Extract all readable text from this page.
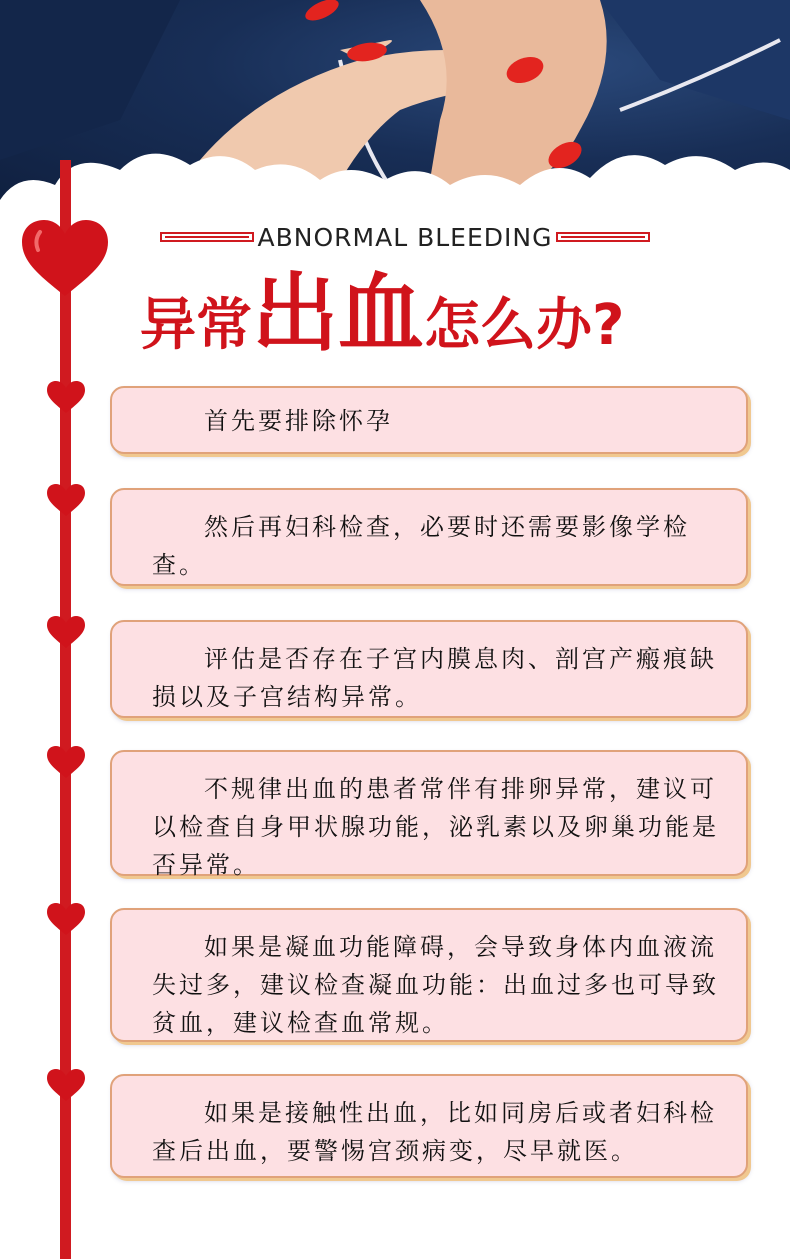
ABNORMAL BLEEDING
异常 出血 怎么办?

首先要排除怀孕

然后再妇科检查，必要时还需要影像学检查。

评估是否存在子宫内膜息肉、剖宫产瘢痕缺损以及子宫结构异常。

不规律出血的患者常伴有排卵异常，建议可以检查自身甲状腺功能，泌乳素以及卵巢功能是否异常。

如果是凝血功能障碍，会导致身体内血液流失过多，建议检查凝血功能：出血过多也可导致贫血，建议检查血常规。

如果是接触性出血，比如同房后或者妇科检查后出血，要警惕宫颈病变，尽早就医。
